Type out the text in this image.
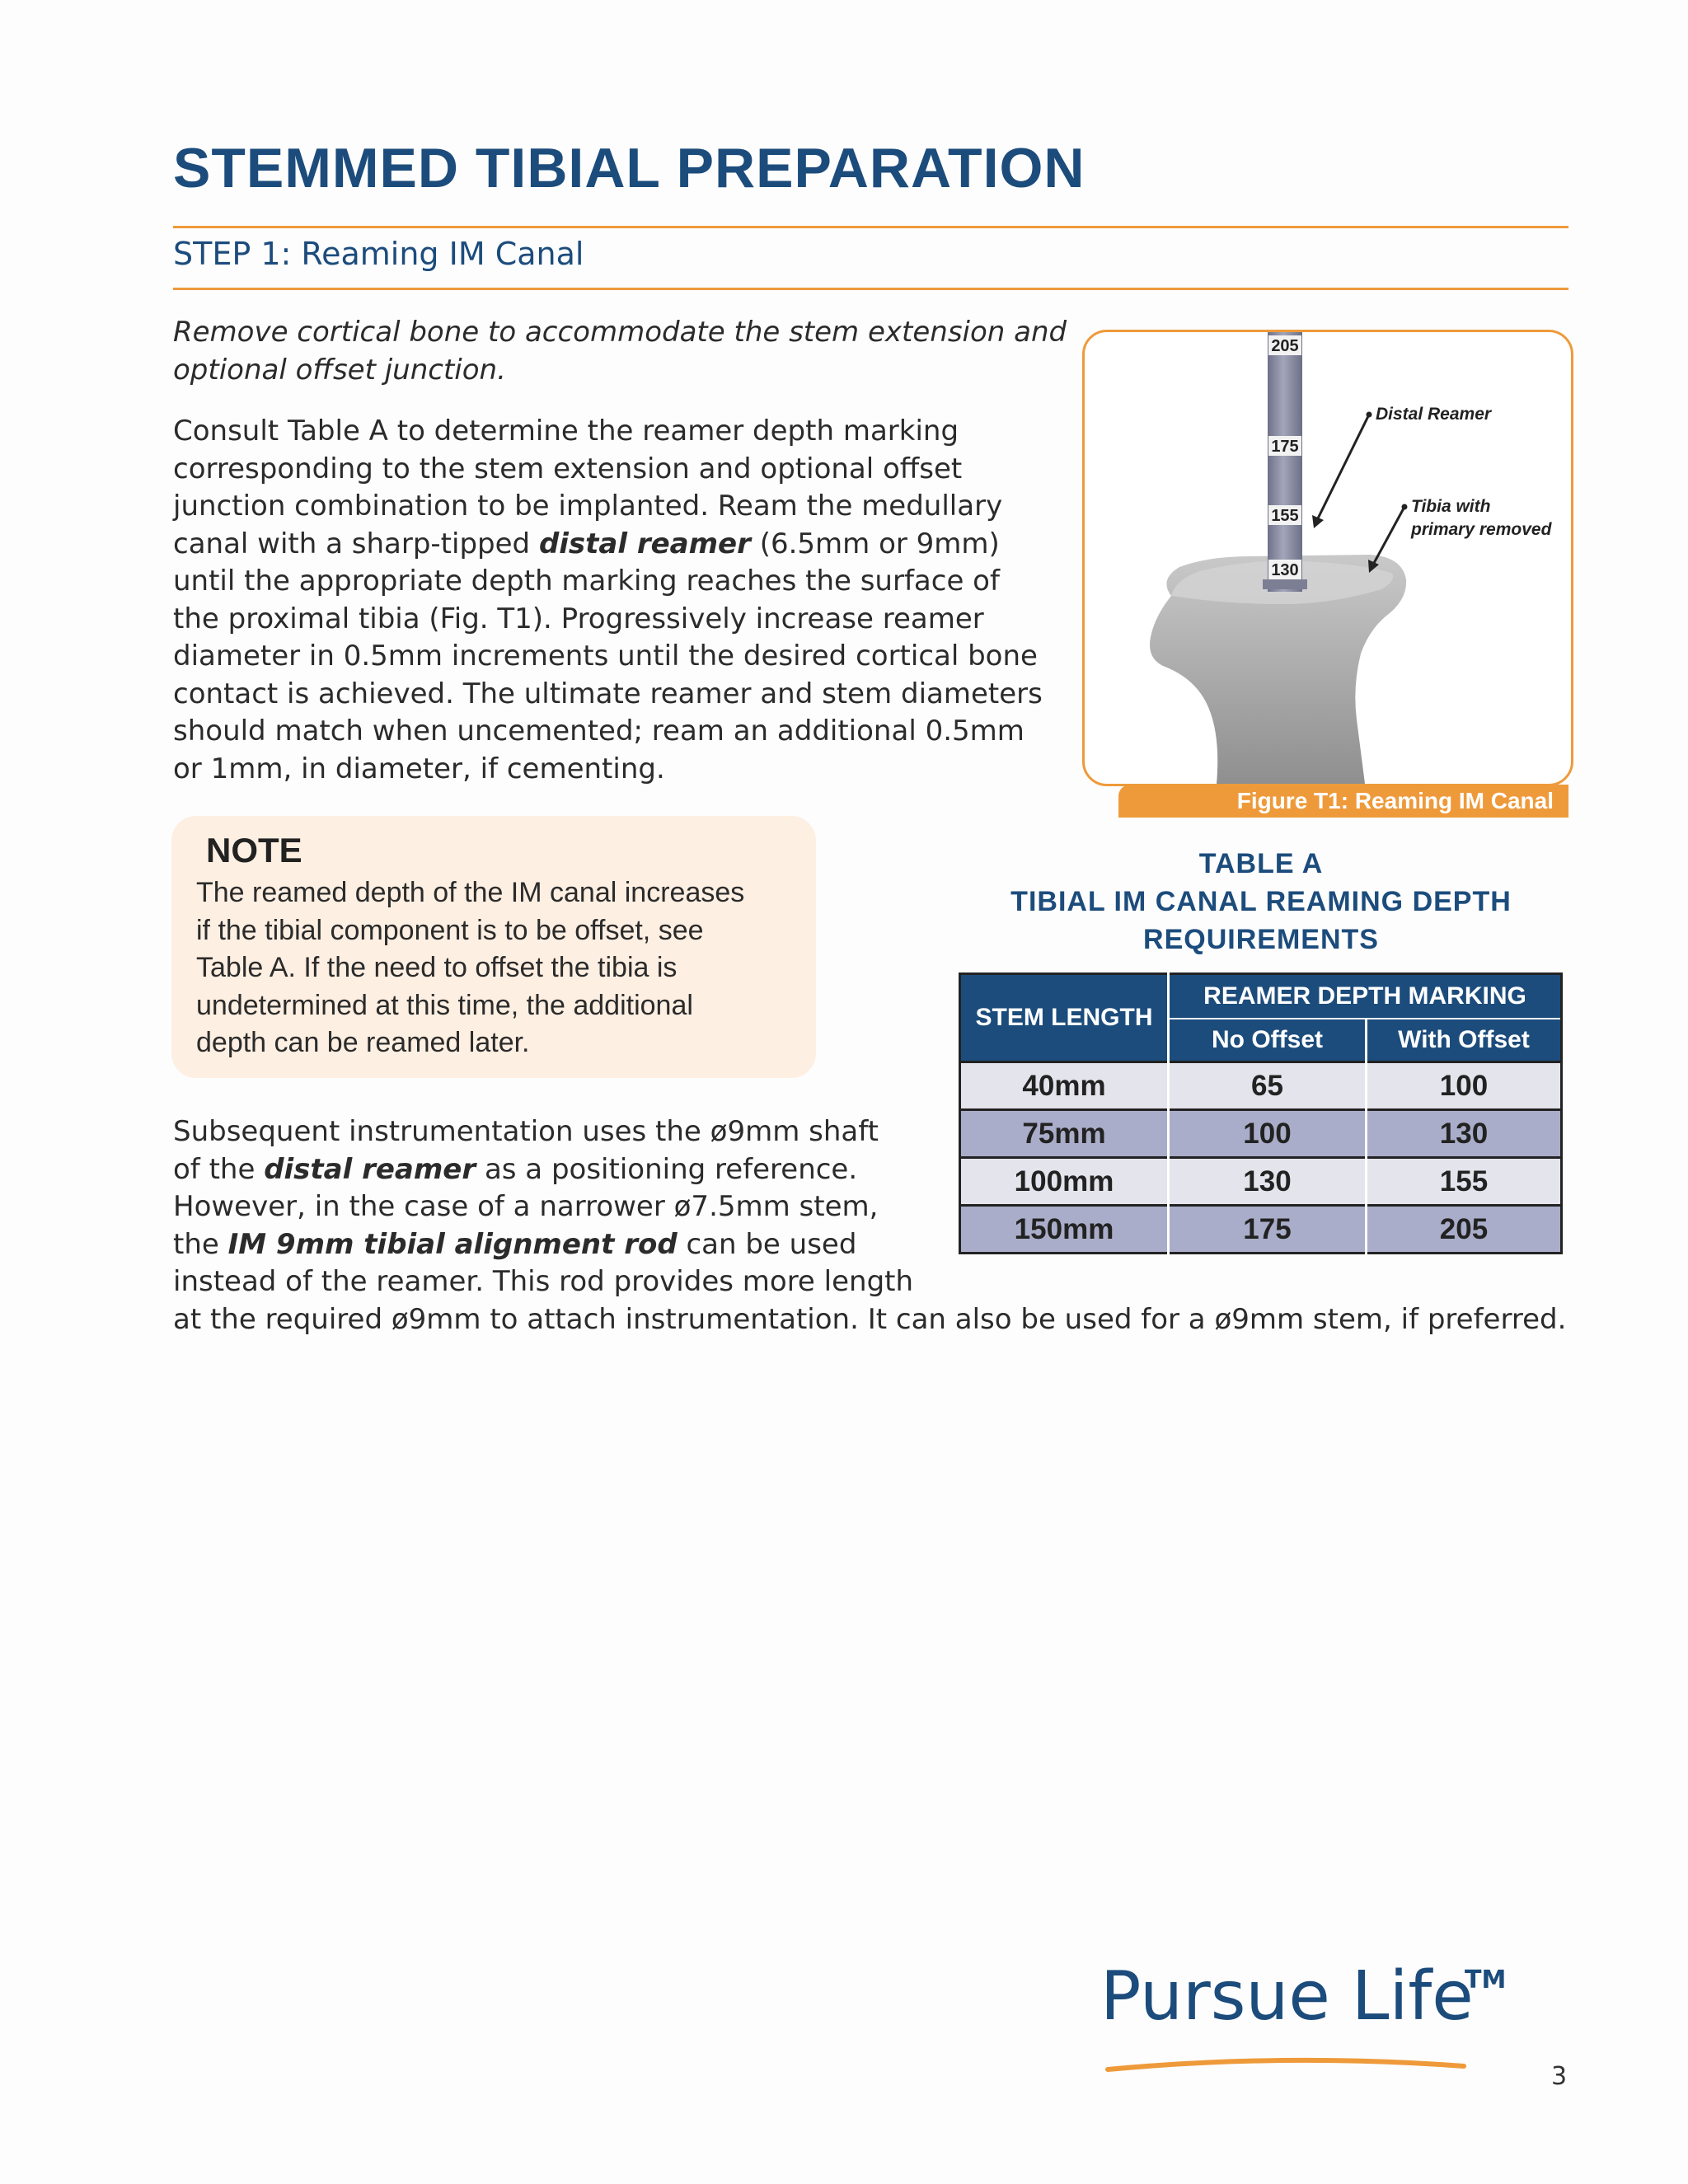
STEMMED TIBIAL PREPARATION
STEP 1: Reaming IM Canal
Remove cortical bone to accommodate the stem extension and
optional offset junction.
Consult Table A to determine the reamer depth marking
corresponding to the stem extension and optional offset
junction combination to be implanted. Ream the medullary
canal with a sharp-tipped distal reamer (6.5mm or 9mm)
until the appropriate depth marking reaches the surface of
the proximal tibia (Fig. T1). Progressively increase reamer
diameter in 0.5mm increments until the desired cortical bone
contact is achieved. The ultimate reamer and stem diameters
should match when uncemented; ream an additional 0.5mm
or 1mm, in diameter, if cementing.
NOTE
The reamed depth of the IM canal increases
if the tibial component is to be offset, see
Table A. If the need to offset the tibia is
undetermined at this time, the additional
depth can be reamed later.
Subsequent instrumentation uses the ø9mm shaft
of the distal reamer as a positioning reference.
However, in the case of a narrower ø7.5mm stem,
the IM 9mm tibial alignment rod can be used
instead of the reamer. This rod provides more length
at the required ø9mm to attach instrumentation. It can also be used for a ø9mm stem, if preferred.
205
175
155
130
Distal Reamer
Tibia with
primary removed
Figure T1: Reaming IM Canal
TABLE A
TIBIAL IM CANAL REAMING DEPTH
REQUIREMENTS
STEM LENGTH	REAMER DEPTH MARKING	
	No Offset	With Offset
40mm	65	100
75mm	100	130
100mm	130	155
150mm	175	205
Pursue Life
TM
3
